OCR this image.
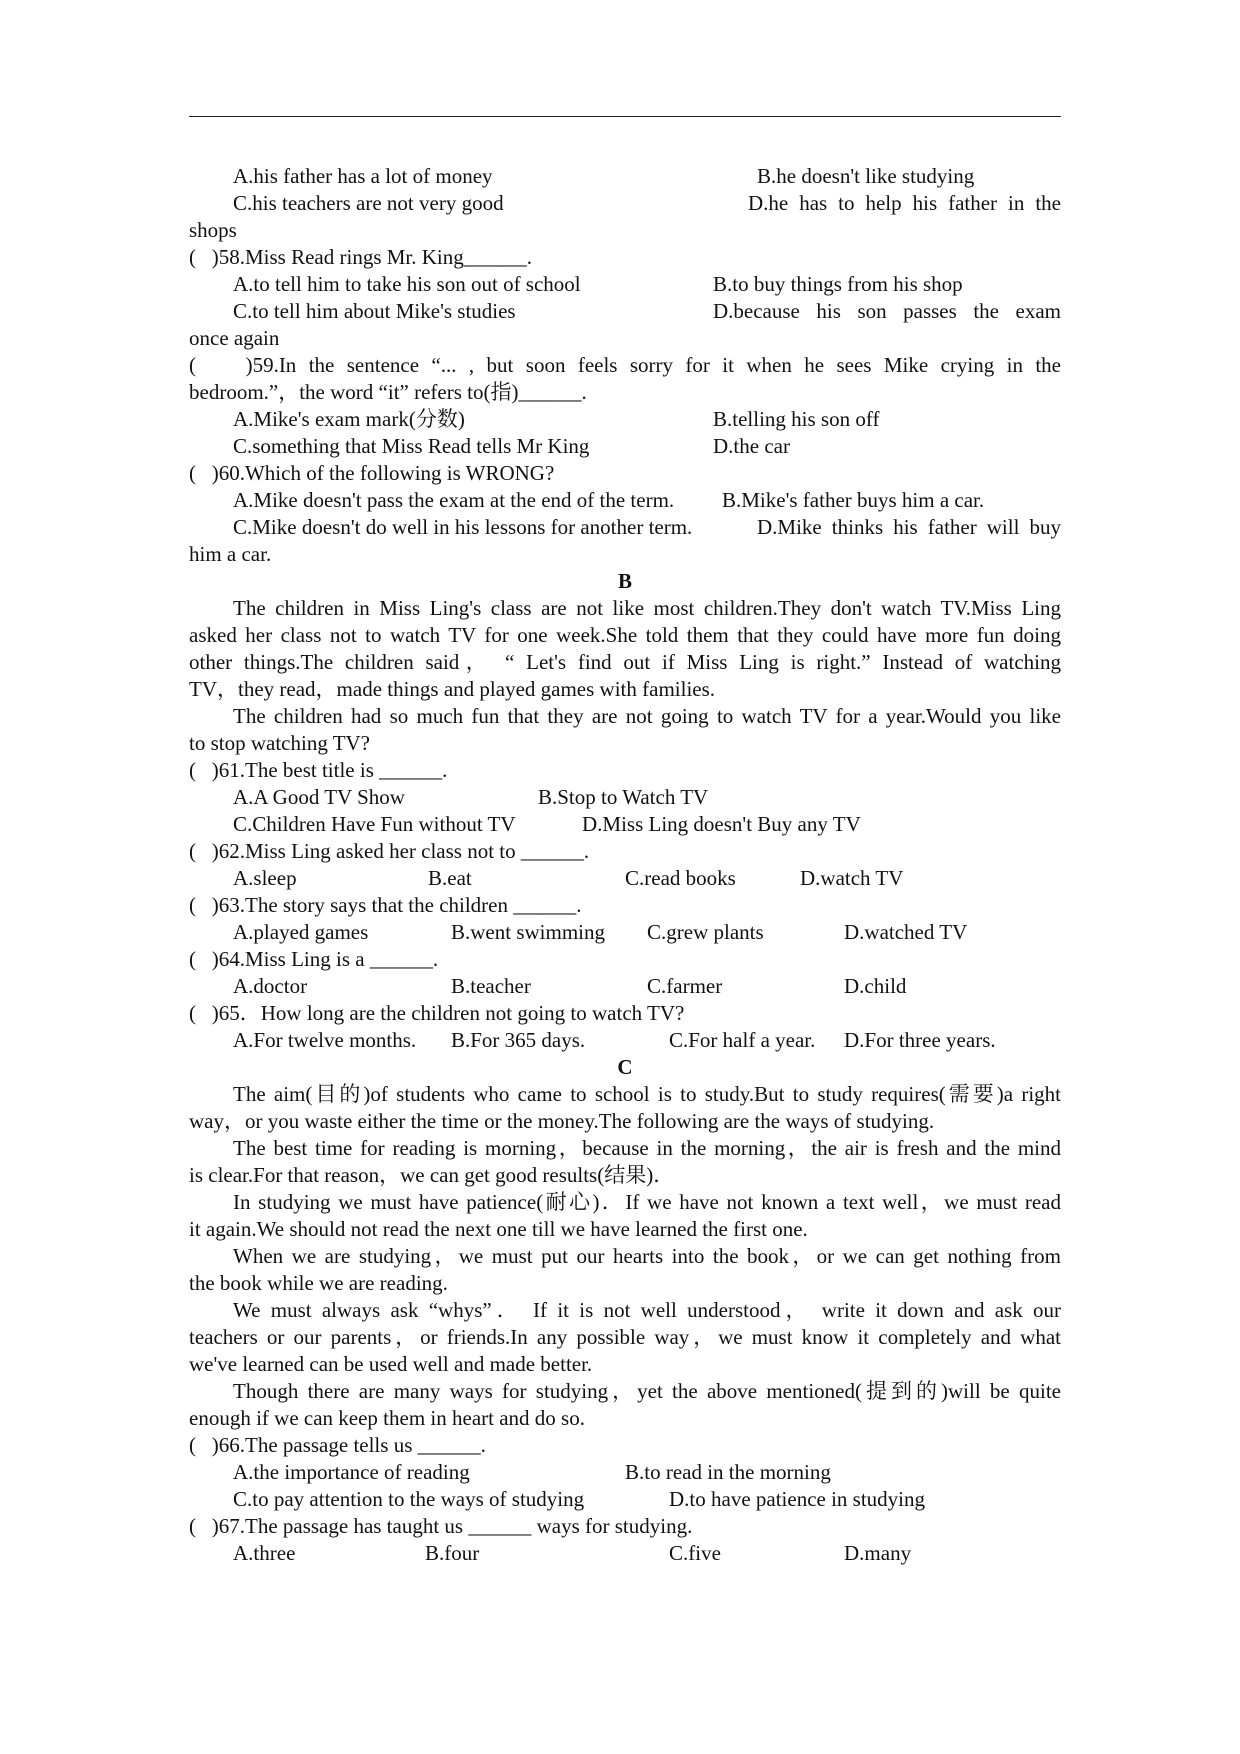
A.his father has a lot of money	B.he doesn't like studying
C.his teachers are not very good	D.he has to help his father in the
shops
(   )58.Miss Read rings Mr. King______.
A.to tell him to take his son out of school	B.to buy things from his shop
C.to tell him about Mike's studies	D.because his son passes the exam
once again
(    )59.In the sentence “... , but soon feels sorry for it when he sees Mike crying in the
bedroom.”，the word “it” refers to(指)______.
A.Mike's exam mark(分数)	B.telling his son off
C.something that Miss Read tells Mr King	D.the car
(   )60.Which of the following is WRONG?
A.Mike doesn't pass the exam at the end of the term. B.Mike's father buys him a car.
C.Mike doesn't do well in his lessons for another term.	D.Mike thinks his father will buy
him a car.
B
The children in Miss Ling's class are not like most children.They don't watch TV.Miss Ling
asked her class not to watch TV for one week.She told them that they could have more fun doing
other things.The children said， “ Let's find out if Miss Ling is right.” Instead of watching
TV，they read，made things and played games with families.
The children had so much fun that they are not going to watch TV for a year.Would you like
to stop watching TV?
(   )61.The best title is ______.
A.A Good TV Show	B.Stop to Watch TV
C.Children Have Fun without TV	D.Miss Ling doesn't Buy any TV
(   )62.Miss Ling asked her class not to ______.
A.sleep	B.eat	C.read books	D.watch TV
(   )63.The story says that the children ______.
A.played games	B.went swimming C.grew plants	D.watched TV
(   )64.Miss Ling is a ______.
A.doctor	B.teacher	C.farmer	D.child
(   )65．How long are the children not going to watch TV?
A.For twelve months. B.For 365 days.	C.For half a year. D.For three years.
C
The aim(目的)of students who came to school is to study.But to study requires(需要)a right
way，or you waste either the time or the money.The following are the ways of studying.
The best time for reading is morning，because in the morning，the air is fresh and the mind
is clear.For that reason，we can get good results(结果)．
In studying we must have patience(耐心)．If we have not known a text well，we must read
it again.We should not read the next one till we have learned the first one.
When we are studying，we must put our hearts into the book，or we can get nothing from
the book while we are reading.
We must always ask “whys”． If it is not well understood， write it down and ask our
teachers or our parents，or friends.In any possible way，we must know it completely and what
we've learned can be used well and made better.
Though there are many ways for studying，yet the above mentioned(提到的)will be quite
enough if we can keep them in heart and do so.
(   )66.The passage tells us ______.
A.the importance of reading	B.to read in the morning
C.to pay attention to the ways of studying	D.to have patience in studying
(   )67.The passage has taught us ______ ways for studying.
A.three	B.four	C.five	D.many
